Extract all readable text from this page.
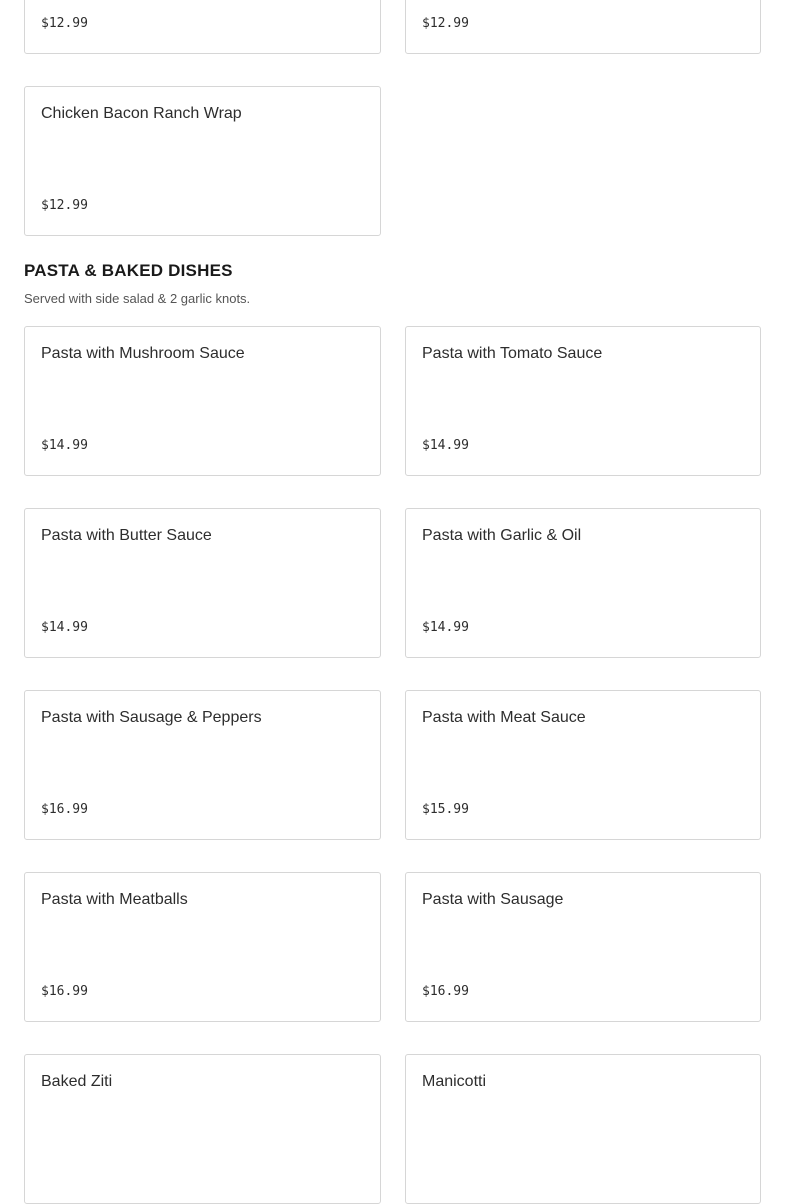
$12.99	$12.99
Chicken Bacon Ranch Wrap
$12.99
PASTA & BAKED DISHES

Served with side salad & 2 garlic knots.

Pasta with Mushroom Sauce
$14.99
Pasta with Tomato Sauce
$14.99
Pasta with Butter Sauce
$14.99
Pasta with Garlic & Oil
$14.99
Pasta with Sausage & Peppers
$16.99
Pasta with Meat Sauce
$15.99
Pasta with Meatballs
$16.99
Pasta with Sausage
$16.99
Baked Ziti	Manicotti
